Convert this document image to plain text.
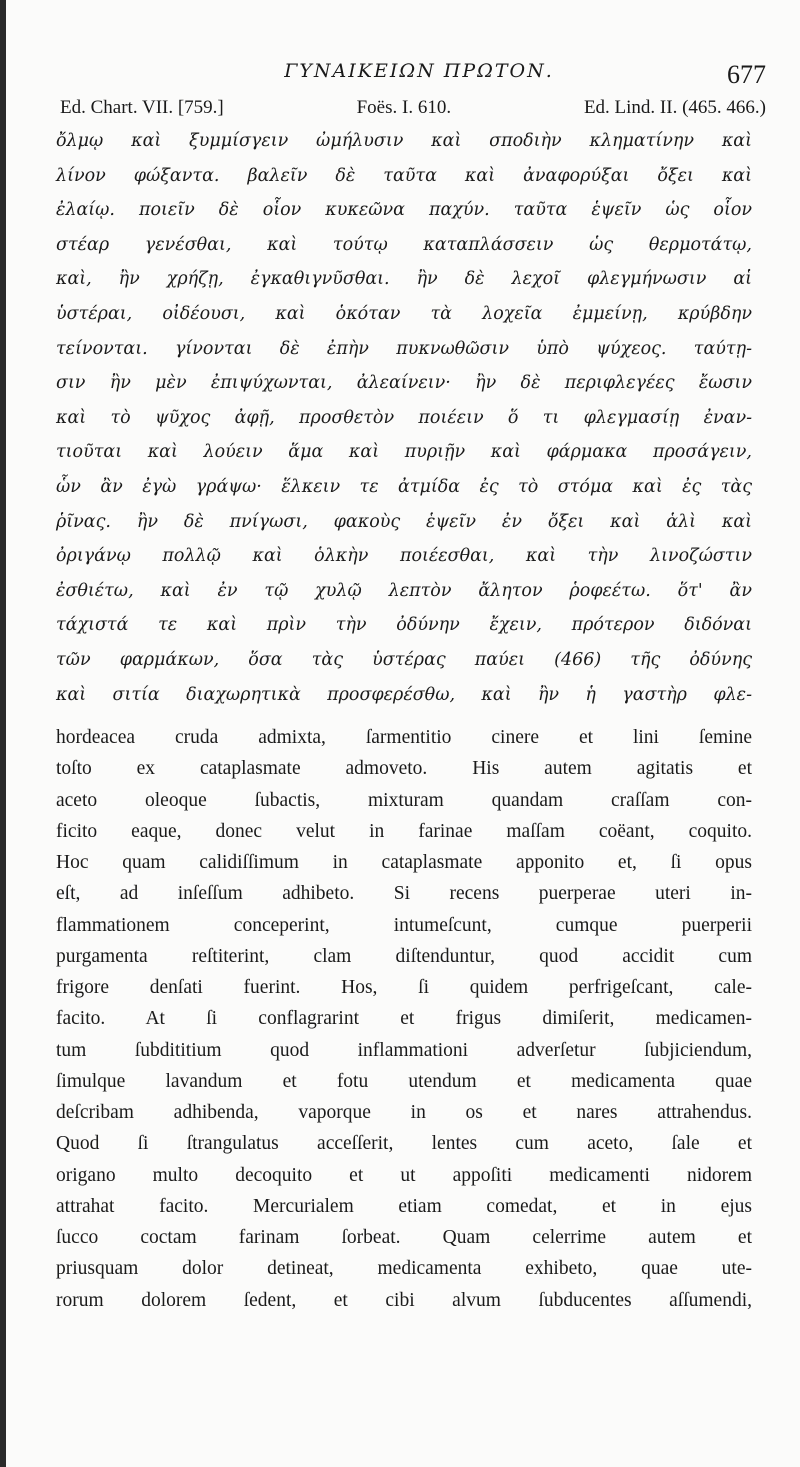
ΓΥΝΑΙΚΕΙΩΝ ΠΡΩΤΟΝ.	677
Ed. Chart. VII. [759.]	Foës. I. 610.	Ed. Lind. II. (465. 466.)
ὄλμῳ καὶ ξυμμίσγειν ὠμήλυσιν καὶ σποδιὴν κληματίνην καὶ
λίνον φώξαντα. βαλεῖν δὲ ταῦτα καὶ ἀναφορύξαι ὄξει καὶ
ἐλαίῳ. ποιεῖν δὲ οἷον κυκεῶνα παχύν. ταῦτα ἑψεῖν ὡς οἷον
στέαρ γενέσθαι, καὶ τούτῳ καταπλάσσειν ὡς θερμοτάτῳ,
καὶ, ἢν χρήζῃ, ἐγκαθιγνῦσθαι. ἢν δὲ λεχοῖ φλεγμήνωσιν αἱ
ὑστέραι, οἰδέουσι, καὶ ὁκόταν τὰ λοχεῖα ἐμμείνῃ, κρύβδην
τείνονται. γίνονται δὲ ἐπὴν πυκνωθῶσιν ὑπὸ ψύχεος. ταύτῃ-
σιν ἢν μὲν ἐπιψύχωνται, ἀλεαίνειν· ἢν δὲ περιφλεγέες ἔωσιν
καὶ τὸ ψῦχος ἀφῇ, προσθετὸν ποιέειν ὅ τι φλεγμασίῃ ἐναν-
τιοῦται καὶ λούειν ἅμα καὶ πυριῇν καὶ φάρμακα προσάγειν,
ὧν ἂν ἐγὼ γράψω· ἕλκειν τε ἀτμίδα ἐς τὸ στόμα καὶ ἐς τὰς
ῥῖνας. ἢν δὲ πνίγωσι, φακοὺς ἑψεῖν ἐν ὄξει καὶ ἁλὶ καὶ
ὀριγάνῳ πολλῷ καὶ ὁλκὴν ποιέεσθαι, καὶ τὴν λινοζώστιν
ἐσθιέτω, καὶ ἐν τῷ χυλῷ λεπτὸν ἄλητον ῥοφεέτω. ὅτ' ἂν
τάχιστά τε καὶ πρὶν τὴν ὀδύνην ἔχειν, πρότερον διδόναι
τῶν φαρμάκων, ὅσα τὰς ὑστέρας παύει (466) τῆς ὀδύνης
καὶ σιτία διαχωρητικὰ προσφερέσθω, καὶ ἢν ἡ γαστὴρ φλε-
hordeacea cruda admixta, ſarmentitio cinere et lini ſemine
toſto ex cataplasmate admoveto. His autem agitatis et
aceto oleoque ſubactis, mixturam quandam craſſam con-
ficito eaque, donec velut in farinae maſſam coëant, coquito.
Hoc quam calidiſſimum in cataplasmate apponito et, ſi opus
eſt, ad inſeſſum adhibeto. Si recens puerperae uteri in-
flammationem conceperint, intumeſcunt, cumque puerperii
purgamenta reſtiterint, clam diſtenduntur, quod accidit cum
frigore denſati fuerint. Hos, ſi quidem perfrigeſcant, cale-
facito. At ſi conflagrarint et frigus dimiſerit, medicamen-
tum ſubdititium quod inflammationi adverſetur ſubjiciendum,
ſimulque lavandum et fotu utendum et medicamenta quae
deſcribam adhibenda, vaporque in os et nares attrahendus.
Quod ſi ſtrangulatus acceſſerit, lentes cum aceto, ſale et
origano multo decoquito et ut appoſiti medicamenti nidorem
attrahat facito. Mercurialem etiam comedat, et in ejus
ſucco coctam farinam ſorbeat. Quam celerrime autem et
priusquam dolor detineat, medicamenta exhibeto, quae ute-
rorum dolorem ſedent, et cibi alvum ſubducentes aſſumendi,
